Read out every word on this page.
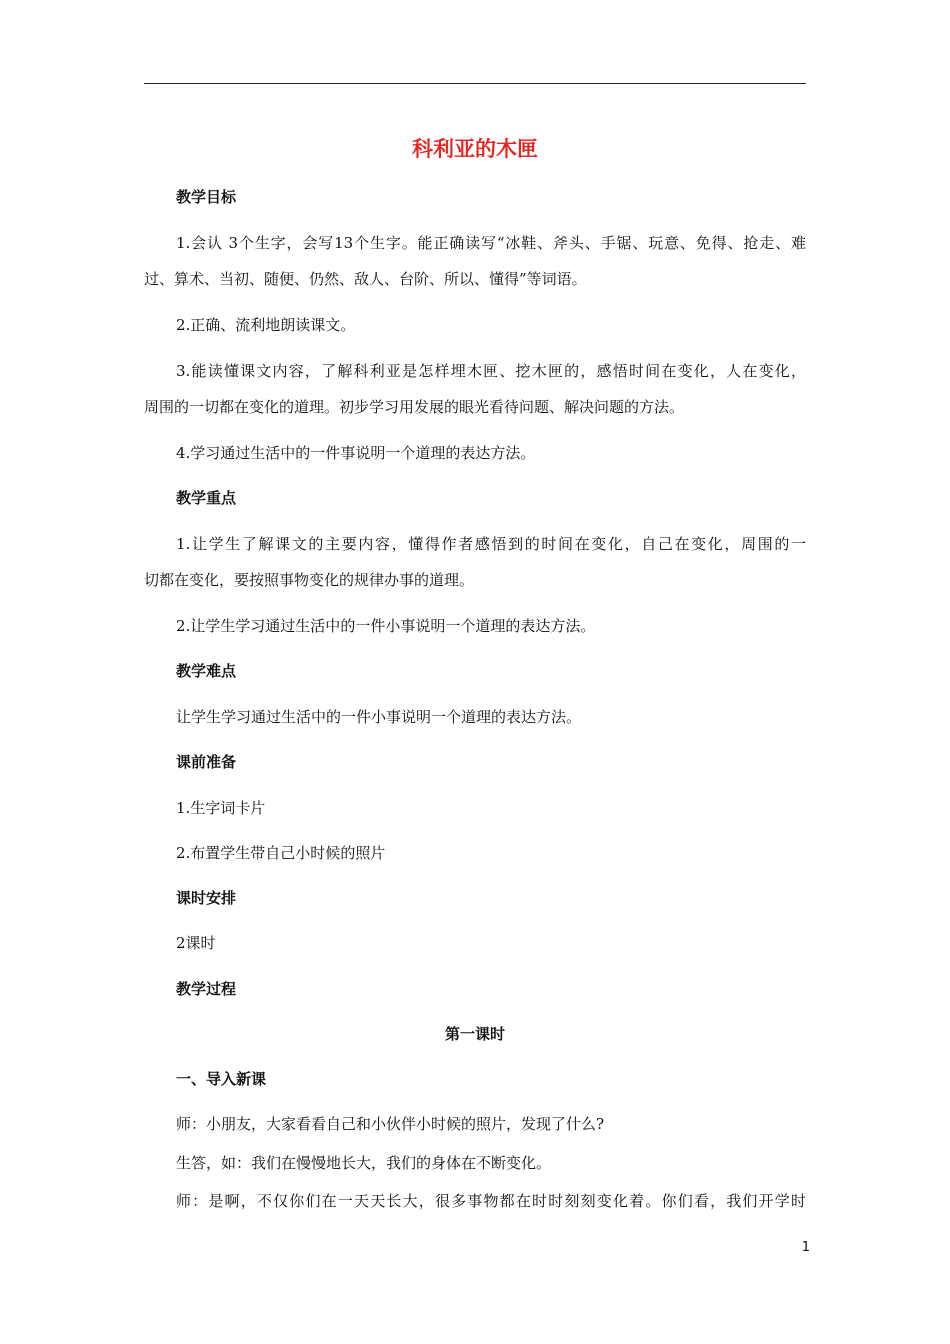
科利亚的木匣
教学目标
1.会认 3个生字，会写13个生字。能正确读写“冰鞋、斧头、手锯、玩意、免得、抢走、难
过、算术、当初、随便、仍然、敌人、台阶、所以、懂得”等词语。
2.正确、流利地朗读课文。
3.能读懂课文内容，了解科利亚是怎样埋木匣、挖木匣的，感悟时间在变化，人在变化，
周围的一切都在变化的道理。初步学习用发展的眼光看待问题、解决问题的方法。
4.学习通过生活中的一件事说明一个道理的表达方法。
教学重点
1.让学生了解课文的主要内容，懂得作者感悟到的时间在变化，自己在变化，周围的一
切都在变化，要按照事物变化的规律办事的道理。
2.让学生学习通过生活中的一件小事说明一个道理的表达方法。
教学难点
让学生学习通过生活中的一件小事说明一个道理的表达方法。
课前准备
1.生字词卡片
2.布置学生带自己小时候的照片
课时安排
2课时
教学过程
第一课时
一、导入新课
师：小朋友，大家看看自己和小伙伴小时候的照片，发现了什么?
生答，如：我们在慢慢地长大，我们的身体在不断变化。
师：是啊，不仅你们在一天天长大，很多事物都在时时刻刻变化着。你们看，我们开学时
1
